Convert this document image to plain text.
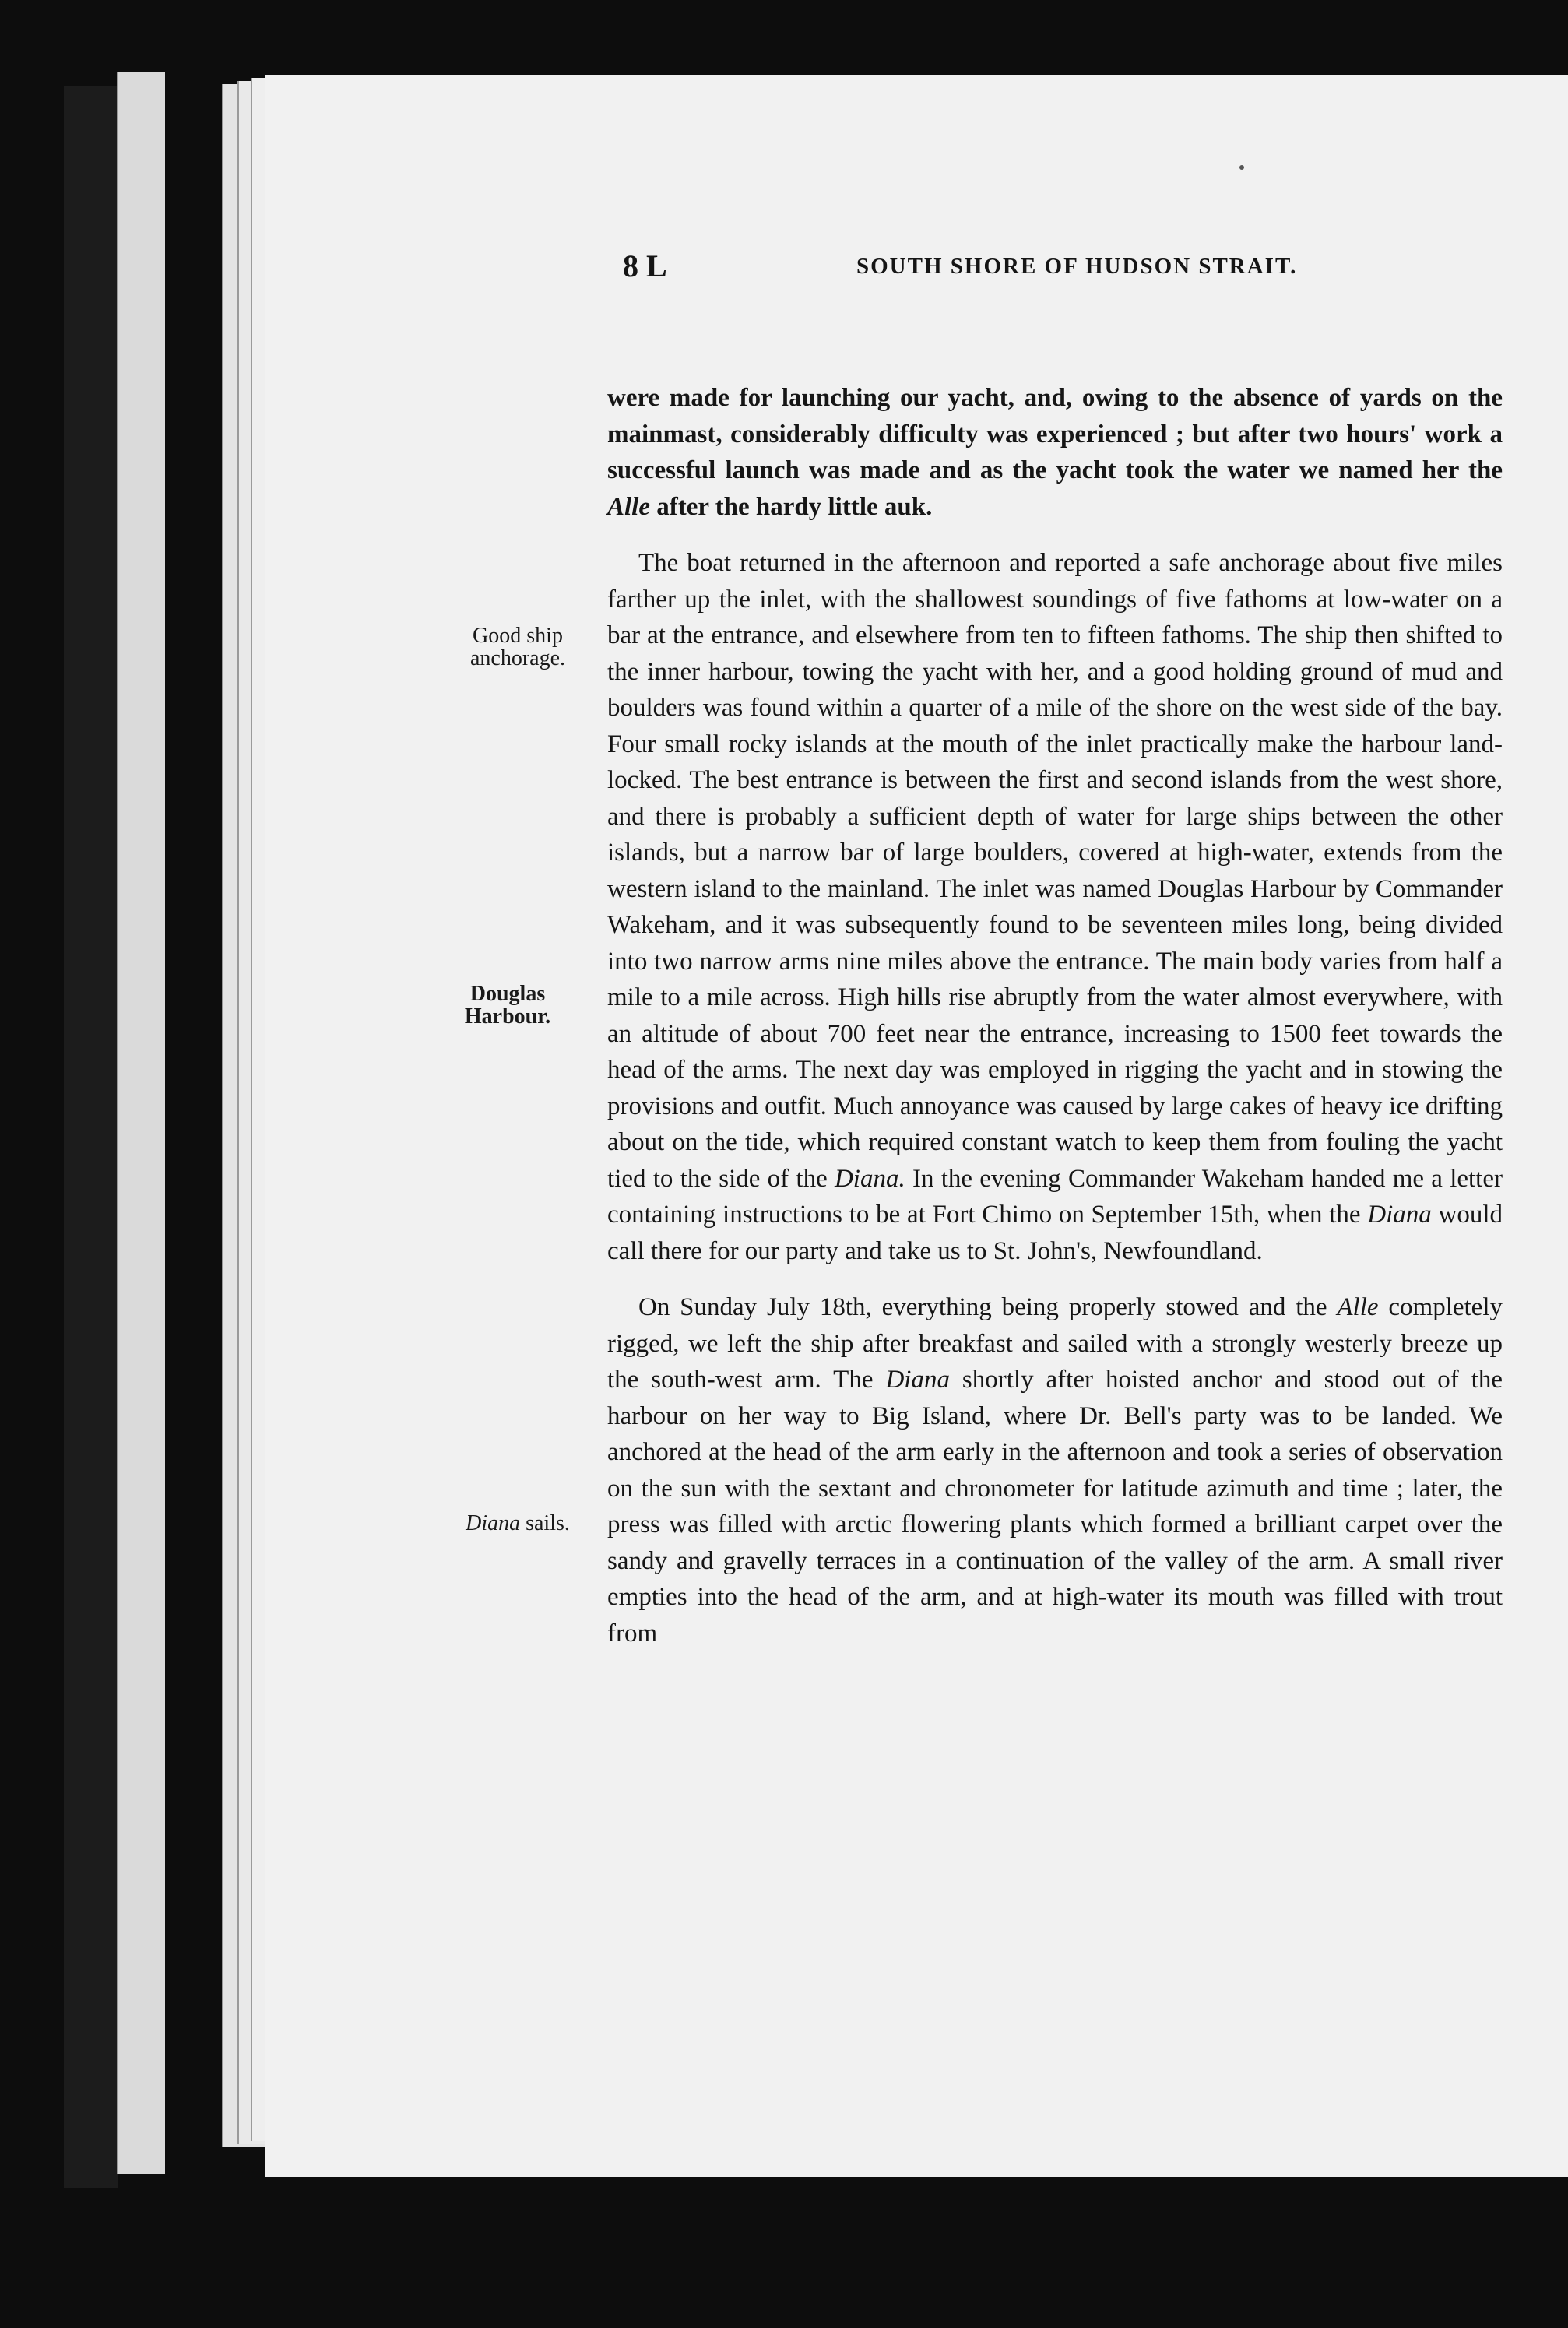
8 L	SOUTH SHORE OF HUDSON STRAIT.
Good ship anchorage.
Douglas Harbour.
Diana sails.

were made for launching our yacht, and, owing to the absence of yards on the mainmast, considerably difficulty was experienced ; but after two hours' work a successful launch was made and as the yacht took the water we named her the Alle after the hardy little auk.

The boat returned in the afternoon and reported a safe anchorage about five miles farther up the inlet, with the shallowest soundings of five fathoms at low-water on a bar at the entrance, and elsewhere from ten to fifteen fathoms. The ship then shifted to the inner harbour, towing the yacht with her, and a good holding ground of mud and boulders was found within a quarter of a mile of the shore on the west side of the bay. Four small rocky islands at the mouth of the inlet practically make the harbour land-locked. The best entrance is between the first and second islands from the west shore, and there is probably a sufficient depth of water for large ships between the other islands, but a narrow bar of large boulders, covered at high-water, extends from the western island to the mainland. The inlet was named Douglas Harbour by Commander Wakeham, and it was subsequently found to be seventeen miles long, being divided into two narrow arms nine miles above the entrance. The main body varies from half a mile to a mile across. High hills rise abruptly from the water almost everywhere, with an altitude of about 700 feet near the entrance, increasing to 1500 feet towards the head of the arms. The next day was employed in rigging the yacht and in stowing the provisions and outfit. Much annoyance was caused by large cakes of heavy ice drifting about on the tide, which required constant watch to keep them from fouling the yacht tied to the side of the Diana. In the evening Commander Wakeham handed me a letter containing instructions to be at Fort Chimo on September 15th, when the Diana would call there for our party and take us to St. John's, Newfoundland.

On Sunday July 18th, everything being properly stowed and the Alle completely rigged, we left the ship after breakfast and sailed with a strongly westerly breeze up the south-west arm. The Diana shortly after hoisted anchor and stood out of the harbour on her way to Big Island, where Dr. Bell's party was to be landed. We anchored at the head of the arm early in the afternoon and took a series of observation on the sun with the sextant and chronometer for latitude azimuth and time ; later, the press was filled with arctic flowering plants which formed a brilliant carpet over the sandy and gravelly terraces in a continuation of the valley of the arm. A small river empties into the head of the arm, and at high-water its mouth was filled with trout from
